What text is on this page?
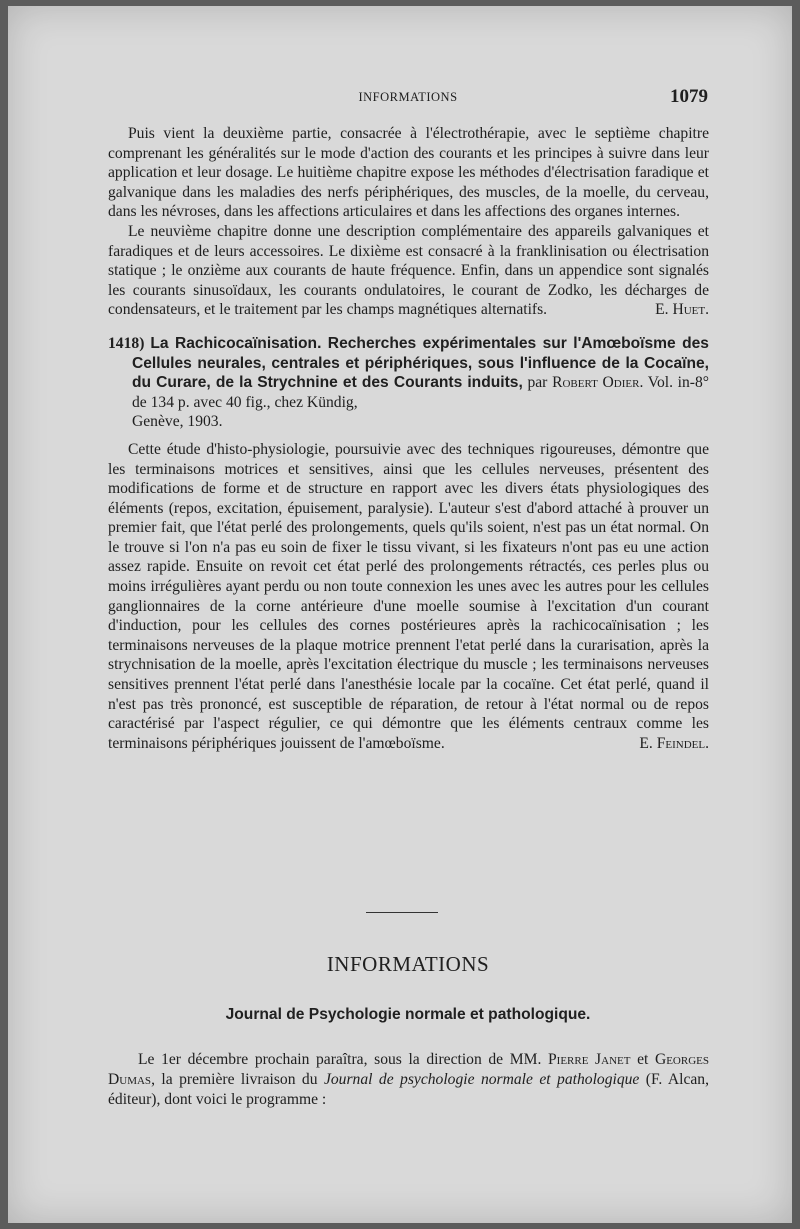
INFORMATIONS	1079

Puis vient la deuxième partie, consacrée à l'électrothérapie, avec le septième chapitre comprenant les généralités sur le mode d'action des courants et les principes à suivre dans leur application et leur dosage. Le huitième chapitre expose les méthodes d'électrisation faradique et galvanique dans les maladies des nerfs périphériques, des muscles, de la moelle, du cerveau, dans les névroses, dans les affections articulaires et dans les affections des organes internes.

Le neuvième chapitre donne une description complémentaire des appareils galvaniques et faradiques et de leurs accessoires. Le dixième est consacré à la franklinisation ou électrisation statique ; le onzième aux courants de haute fréquence. Enfin, dans un appendice sont signalés les courants sinusoïdaux, les courants ondulatoires, le courant de Zodko, les décharges de condensateurs, et le traitement par les champs magnétiques alternatifs.	E. Huet.

1418) La Rachicocaïnisation. Recherches expérimentales sur l'Amœboïsme des Cellules neurales, centrales et périphériques, sous l'influence de la Cocaïne, du Curare, de la Strychnine et des Courants induits, par Robert Odier. Vol. in-8° de 134 p. avec 40 fig., chez Kündig,

Genève, 1903.

Cette étude d'histo-physiologie, poursuivie avec des techniques rigoureuses, démontre que les terminaisons motrices et sensitives, ainsi que les cellules nerveuses, présentent des modifications de forme et de structure en rapport avec les divers états physiologiques des éléments (repos, excitation, épuisement, paralysie). L'auteur s'est d'abord attaché à prouver un premier fait, que l'état perlé des prolongements, quels qu'ils soient, n'est pas un état normal. On le trouve si l'on n'a pas eu soin de fixer le tissu vivant, si les fixateurs n'ont pas eu une action assez rapide. Ensuite on revoit cet état perlé des prolongements rétractés, ces perles plus ou moins irrégulières ayant perdu ou non toute connexion les unes avec les autres pour les cellules ganglionnaires de la corne antérieure d'une moelle soumise à l'excitation d'un courant d'induction, pour les cellules des cornes postérieures après la rachicocaïnisation ; les terminaisons nerveuses de la plaque motrice prennent l'etat perlé dans la curarisation, après la strychnisation de la moelle, après l'excitation électrique du muscle ; les terminaisons nerveuses sensitives prennent l'état perlé dans l'anesthésie locale par la cocaïne. Cet état perlé, quand il n'est pas très prononcé, est susceptible de réparation, de retour à l'état normal ou de repos caractérisé par l'aspect régulier, ce qui démontre que les éléments centraux comme les terminaisons périphériques jouissent de l'amœboïsme.	E. Feindel.

INFORMATIONS
Journal de Psychologie normale et pathologique.

Le 1er décembre prochain paraîtra, sous la direction de MM. Pierre Janet et Georges Dumas, la première livraison du Journal de psychologie normale et pathologique (F. Alcan, éditeur), dont voici le programme :
